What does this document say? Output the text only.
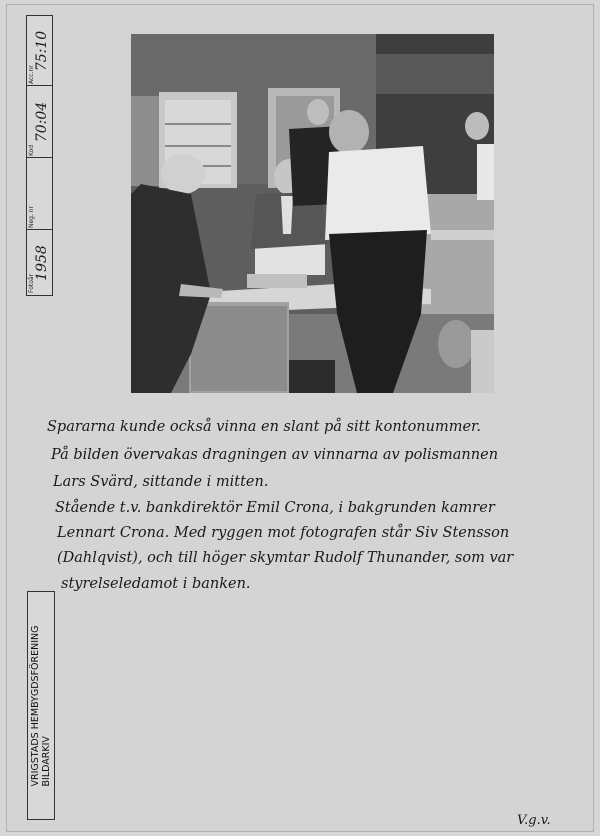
Acc.nr
75:10
Kod
70:04
Neg. nr
Fotoår
1958
Spararna kunde också vinna en slant på sitt kontonummer.
På bilden övervakas dragningen av vinnarna av polismannen
Lars Svärd, sittande i mitten.
Stående t.v. bankdirektör Emil Crona, i bakgrunden kamrer
Lennart Crona. Med ryggen mot fotografen står Siv Stensson
(Dahlqvist), och till höger skymtar Rudolf Thunander, som var
styrelseledamot i banken.
VRIGSTADS HEMBYGDSFÖRENING BILDARKIV
V.g.v.
